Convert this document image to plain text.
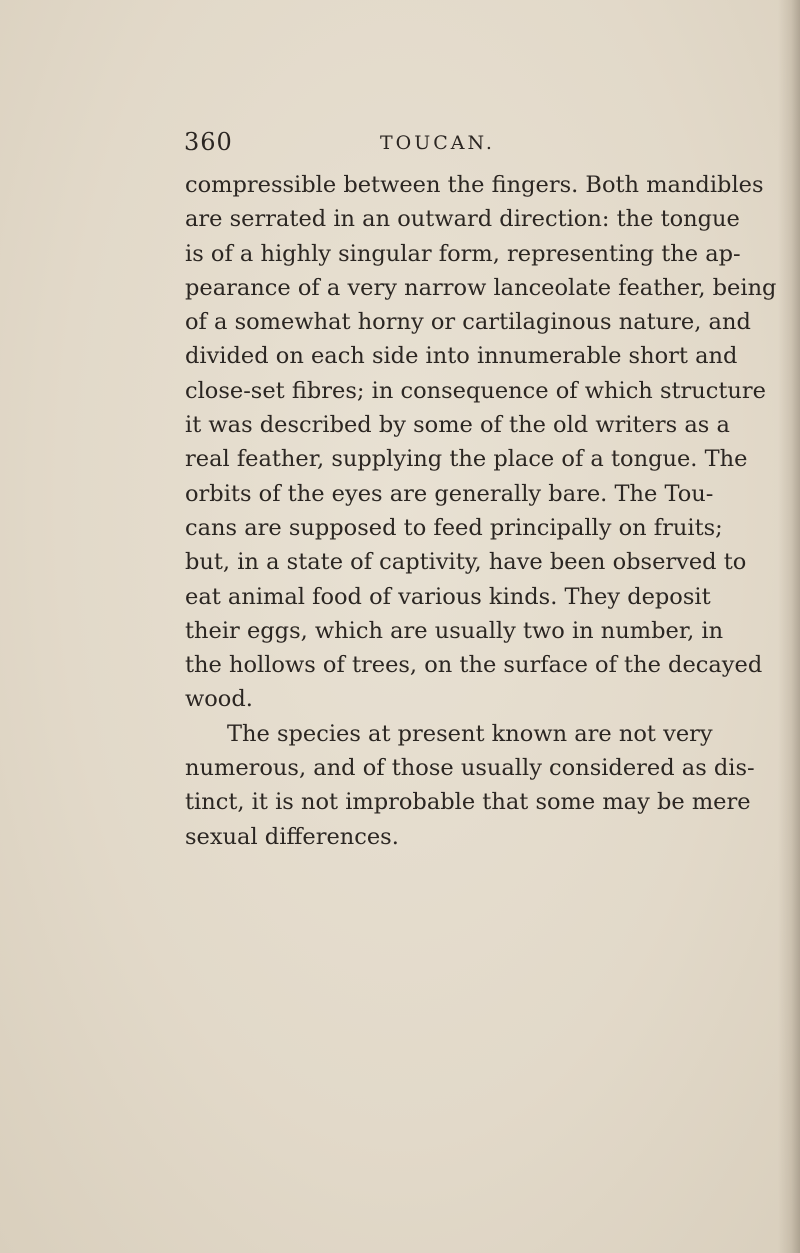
360	TOUCAN.
compressible between the fingers. Both mandibles
are serrated in an outward direction: the tongue
is of a highly singular form, representing the ap-
pearance of a very narrow lanceolate feather, being
of a somewhat horny or cartilaginous nature, and
divided on each side into innumerable short and
close-set fibres; in consequence of which structure
it was described by some of the old writers as a
real feather, supplying the place of a tongue. The
orbits of the eyes are generally bare. The Tou-
cans are supposed to feed principally on fruits;
but, in a state of captivity, have been observed to
eat animal food of various kinds. They deposit
their eggs, which are usually two in number, in
the hollows of trees, on the surface of the decayed
wood.
The species at present known are not very
numerous, and of those usually considered as dis-
tinct, it is not improbable that some may be mere
sexual differences.
